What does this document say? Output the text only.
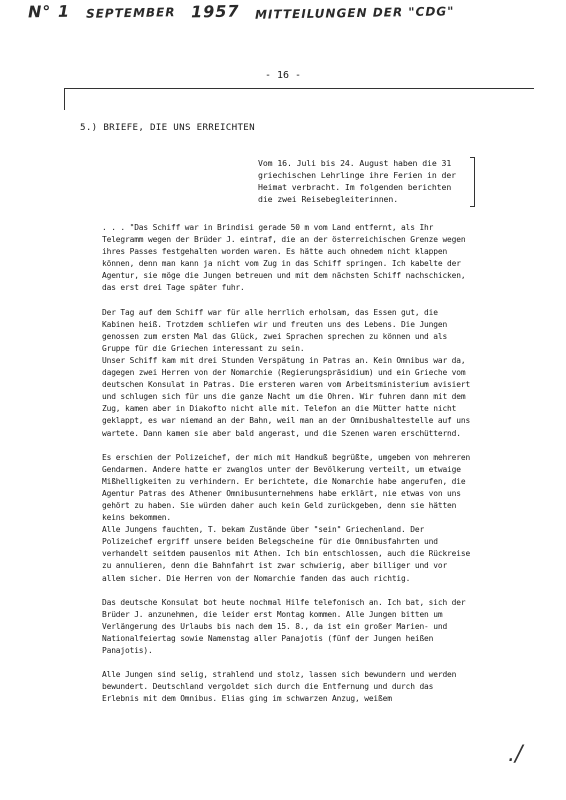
N° 1 SEPTEMBER 1957 MITTEILUNGEN DER "CDG"
- 16 -
5.) BRIEFE, DIE UNS ERREICHTEN
Vom 16. Juli bis 24. August haben die 31 griechischen Lehrlinge ihre Ferien in der Heimat verbracht. Im folgenden berichten die zwei Reisebegleiterinnen.

. . . "Das Schiff war in Brindisi gerade 50 m vom Land entfernt, als Ihr Telegramm wegen der Brüder J. eintraf, die an der österreichischen Grenze wegen ihres Passes festgehalten worden waren. Es hätte auch ohnedem nicht klappen können, denn man kann ja nicht vom Zug in das Schiff springen. Ich kabelte der Agentur, sie möge die Jungen betreuen und mit dem nächsten Schiff nachschicken, das erst drei Tage später fuhr.

Der Tag auf dem Schiff war für alle herrlich erholsam, das Essen gut, die Kabinen heiß. Trotzdem schliefen wir und freuten uns des Lebens. Die Jungen genossen zum ersten Mal das Glück, zwei Sprachen sprechen zu können und als Gruppe für die Griechen interessant zu sein.

Unser Schiff kam mit drei Stunden Verspätung in Patras an. Kein Omnibus war da, dagegen zwei Herren von der Nomarchie (Regierungspräsidium) und ein Grieche vom deutschen Konsulat in Patras. Die ersteren waren vom Arbeitsministerium avisiert und schlugen sich für uns die ganze Nacht um die Ohren. Wir fuhren dann mit dem Zug, kamen aber in Diakofto nicht alle mit. Telefon an die Mütter hatte nicht geklappt, es war niemand an der Bahn, weil man an der Omnibushaltestelle auf uns wartete. Dann kamen sie aber bald angerast, und die Szenen waren erschütternd.

Es erschien der Polizeichef, der mich mit Handkuß begrüßte, umgeben von mehreren Gendarmen. Andere hatte er zwanglos unter der Bevölkerung verteilt, um etwaige Mißhelligkeiten zu verhindern. Er berichtete, die Nomarchie habe angerufen, die Agentur Patras des Athener Omnibusunternehmens habe erklärt, nie etwas von uns gehört zu haben. Sie würden daher auch kein Geld zurückgeben, denn sie hätten keins bekommen.

Alle Jungens fauchten, T. bekam Zustände über "sein" Griechenland. Der Polizeichef ergriff unsere beiden Belegscheine für die Omnibusfahrten und verhandelt seitdem pausenlos mit Athen. Ich bin entschlossen, auch die Rückreise zu annulieren, denn die Bahnfahrt ist zwar schwierig, aber billiger und vor allem sicher. Die Herren von der Nomarchie fanden das auch richtig.

Das deutsche Konsulat bot heute nochmal Hilfe telefonisch an. Ich bat, sich der Brüder J. anzunehmen, die leider erst Montag kommen. Alle Jungen bitten um Verlängerung des Urlaubs bis nach dem 15. 8., da ist ein großer Marien- und Nationalfeiertag sowie Namenstag aller Panajotis (fünf der Jungen heißen Panajotis).

Alle Jungen sind selig, strahlend und stolz, lassen sich bewundern und werden bewundert. Deutschland vergoldet sich durch die Entfernung und durch das Erlebnis mit dem Omnibus. Elias ging im schwarzen Anzug, weißem

./
